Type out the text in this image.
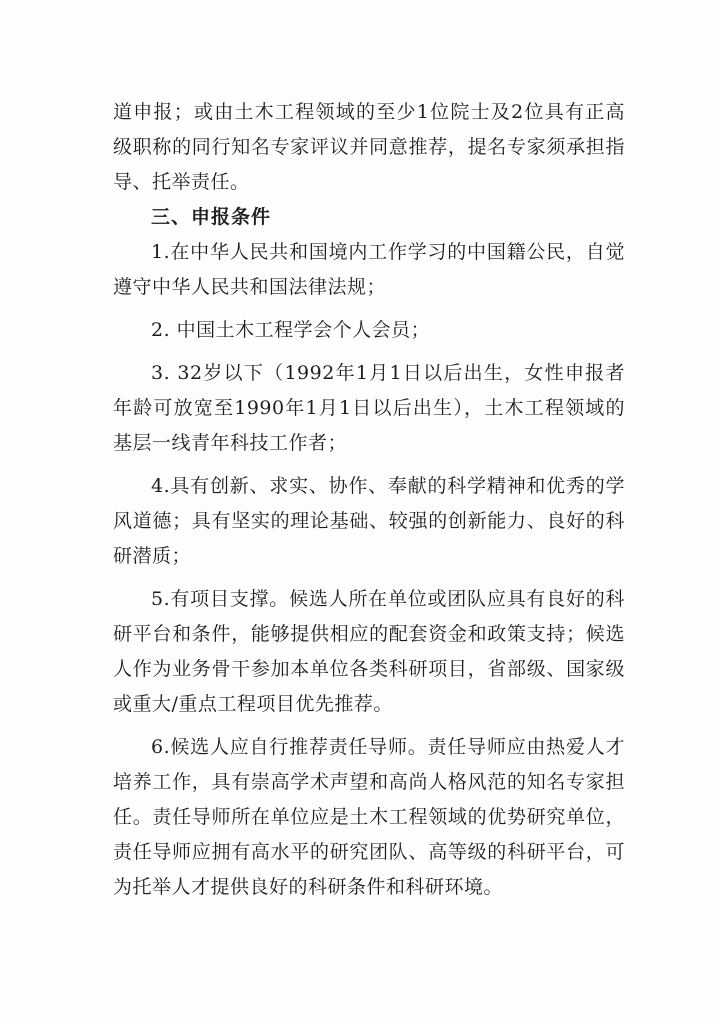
道申报；或由土木工程领域的至少1位院士及2位具有正高
级职称的同行知名专家评议并同意推荐，提名专家须承担指
导、托举责任。
三、申报条件
1.在中华人民共和国境内工作学习的中国籍公民，自觉
遵守中华人民共和国法律法规；
2. 中国土木工程学会个人会员；
3. 32岁以下（1992年1月1日以后出生，女性申报者
年龄可放宽至1990年1月1日以后出生），土木工程领域的
基层一线青年科技工作者；
4.具有创新、求实、协作、奉献的科学精神和优秀的学
风道德；具有坚实的理论基础、较强的创新能力、良好的科
研潜质；
5.有项目支撑。候选人所在单位或团队应具有良好的科
研平台和条件，能够提供相应的配套资金和政策支持；候选
人作为业务骨干参加本单位各类科研项目，省部级、国家级
或重大/重点工程项目优先推荐。
6.候选人应自行推荐责任导师。责任导师应由热爱人才
培养工作，具有崇高学术声望和高尚人格风范的知名专家担
任。责任导师所在单位应是土木工程领域的优势研究单位，
责任导师应拥有高水平的研究团队、高等级的科研平台，可
为托举人才提供良好的科研条件和科研环境。
